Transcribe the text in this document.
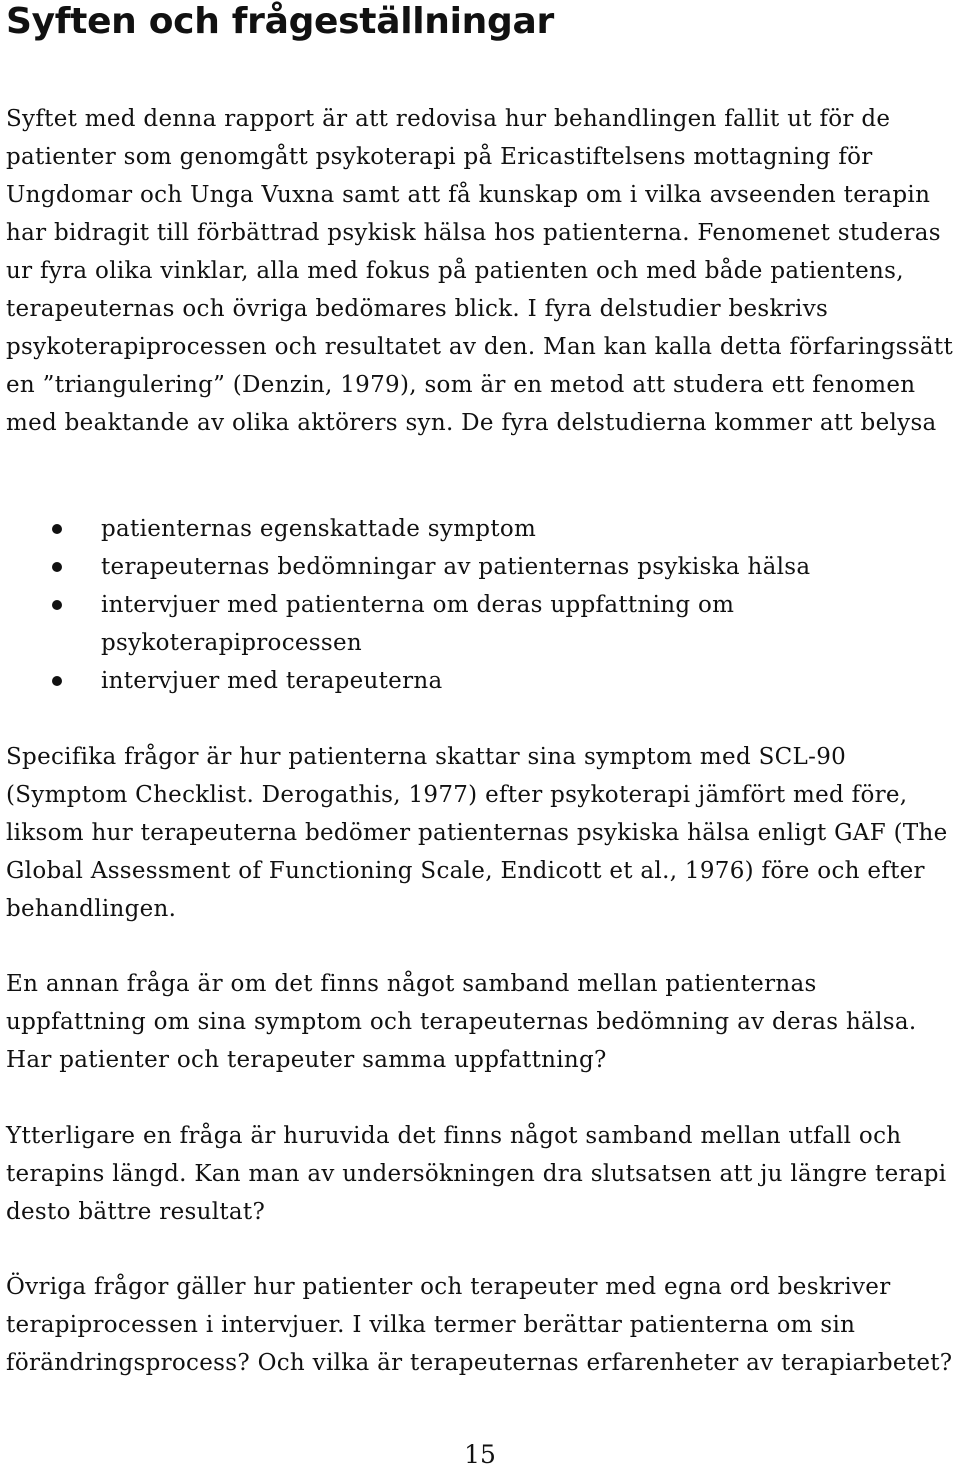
Syften och frågeställningar

Syftet med denna rapport är att redovisa hur behandlingen fallit ut för de patienter som genomgått psykoterapi på Ericastiftelsens mottagning för Ungdomar och Unga Vuxna samt att få kunskap om i vilka avseenden terapin har bidragit till förbättrad psykisk hälsa hos patienterna. Fenomenet studeras ur fyra olika vinklar, alla med fokus på patienten och med både patientens, terapeuternas och övriga bedömares blick. I fyra delstudier beskrivs psykoterapiprocessen och resultatet av den. Man kan kalla detta förfaringssätt en ”triangulering” (Denzin, 1979), som är en metod att studera ett fenomen med beaktande av olika aktörers syn. De fyra delstudierna kommer att belysa

patienternas egenskattade symptom
terapeuternas bedömningar av patienternas psykiska hälsa
intervjuer med patienterna om deras uppfattning om psykoterapiprocessen
intervjuer med terapeuterna

Specifika frågor är hur patienterna skattar sina symptom med SCL-90 (Symptom Checklist. Derogathis, 1977) efter psykoterapi jämfört med före, liksom hur terapeuterna bedömer patienternas psykiska hälsa enligt GAF (The Global Assessment of Functioning Scale, Endicott et al., 1976) före och efter behandlingen.

En annan fråga är om det finns något samband mellan patienternas uppfattning om sina symptom och terapeuternas bedömning av deras hälsa. Har patienter och terapeuter samma uppfattning?

Ytterligare en fråga är huruvida det finns något samband mellan utfall och terapins längd. Kan man av undersökningen dra slutsatsen att ju längre terapi desto bättre resultat?

Övriga frågor gäller hur patienter och terapeuter med egna ord beskriver terapiprocessen i intervjuer. I vilka termer berättar patienterna om sin förändringsprocess? Och vilka är terapeuternas erfarenheter av terapiarbetet?

15
